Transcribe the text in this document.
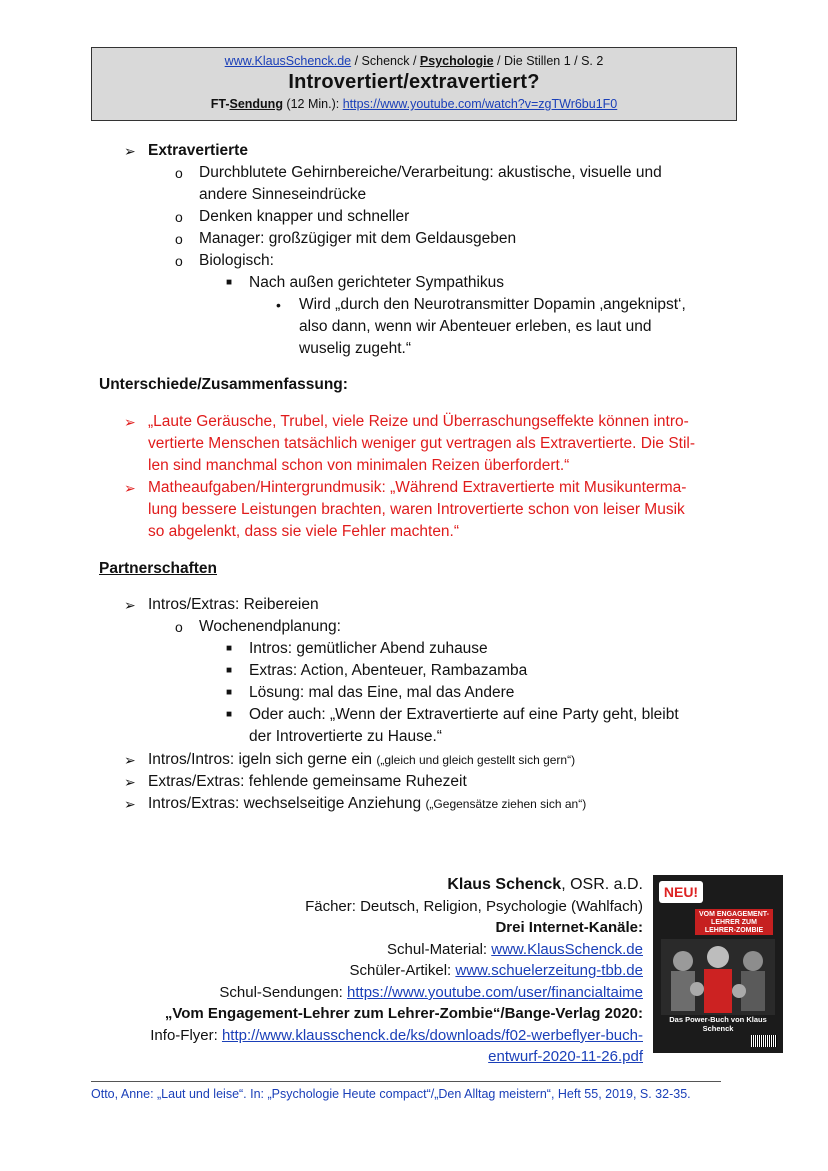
www.KlausSchenck.de / Schenck / Psychologie / Die Stillen 1 / S. 2
Introvertiert/extravertiert?
FT-Sendung (12 Min.): https://www.youtube.com/watch?v=zgTWr6bu1F0
➢ Extravertierte
o Durchblutete Gehirnbereiche/Verarbeitung: akustische, visuelle und
andere Sinneseindrücke
o Denken knapper und schneller
o Manager: großzügiger mit dem Geldausgeben
o Biologisch:
■ Nach außen gerichteter Sympathikus
• Wird „durch den Neurotransmitter Dopamin ‚angeknipst‘,
also dann, wenn wir Abenteuer erleben, es laut und
wuselig zugeht.“
Unterschiede/Zusammenfassung:
➢ „Laute Geräusche, Trubel, viele Reize und Überraschungseffekte können intro-
vertierte Menschen tatsächlich weniger gut vertragen als Extravertierte. Die Stil-
len sind manchmal schon von minimalen Reizen überfordert.“
➢ Matheaufgaben/Hintergrundmusik: „Während Extravertierte mit Musikunterma-
lung bessere Leistungen brachten, waren Introvertierte schon von leiser Musik
so abgelenkt, dass sie viele Fehler machten.“
Partnerschaften
➢ Intros/Extras: Reibereien
o Wochenendplanung:
■ Intros: gemütlicher Abend zuhause
■ Extras: Action, Abenteuer, Rambazamba
■ Lösung: mal das Eine, mal das Andere
■ Oder auch: „Wenn der Extravertierte auf eine Party geht, bleibt
der Introvertierte zu Hause.“
➢ Intros/Intros: igeln sich gerne ein („gleich und gleich gestellt sich gern“)
➢ Extras/Extras: fehlende gemeinsame Ruhezeit
➢ Intros/Extras: wechselseitige Anziehung („Gegensätze ziehen sich an“)
Klaus Schenck, OSR. a.D.
Fächer: Deutsch, Religion, Psychologie (Wahlfach)
Drei Internet-Kanäle:
Schul-Material: www.KlausSchenck.de
Schüler-Artikel: www.schuelerzeitung-tbb.de
Schul-Sendungen: https://www.youtube.com/user/financialtaime
„Vom Engagement-Lehrer zum Lehrer-Zombie“/Bange-Verlag 2020:
Info-Flyer: http://www.klausschenck.de/ks/downloads/f02-werbeflyer-buch-
entwurf-2020-11-26.pdf
NEU!
VOM ENGAGEMENT-LEHRER ZUM LEHRER-ZOMBIE
Das Power-Buch von Klaus Schenck
Otto, Anne: „Laut und leise“. In: „Psychologie Heute compact“/„Den Alltag meistern“, Heft 55, 2019, S. 32-35.
